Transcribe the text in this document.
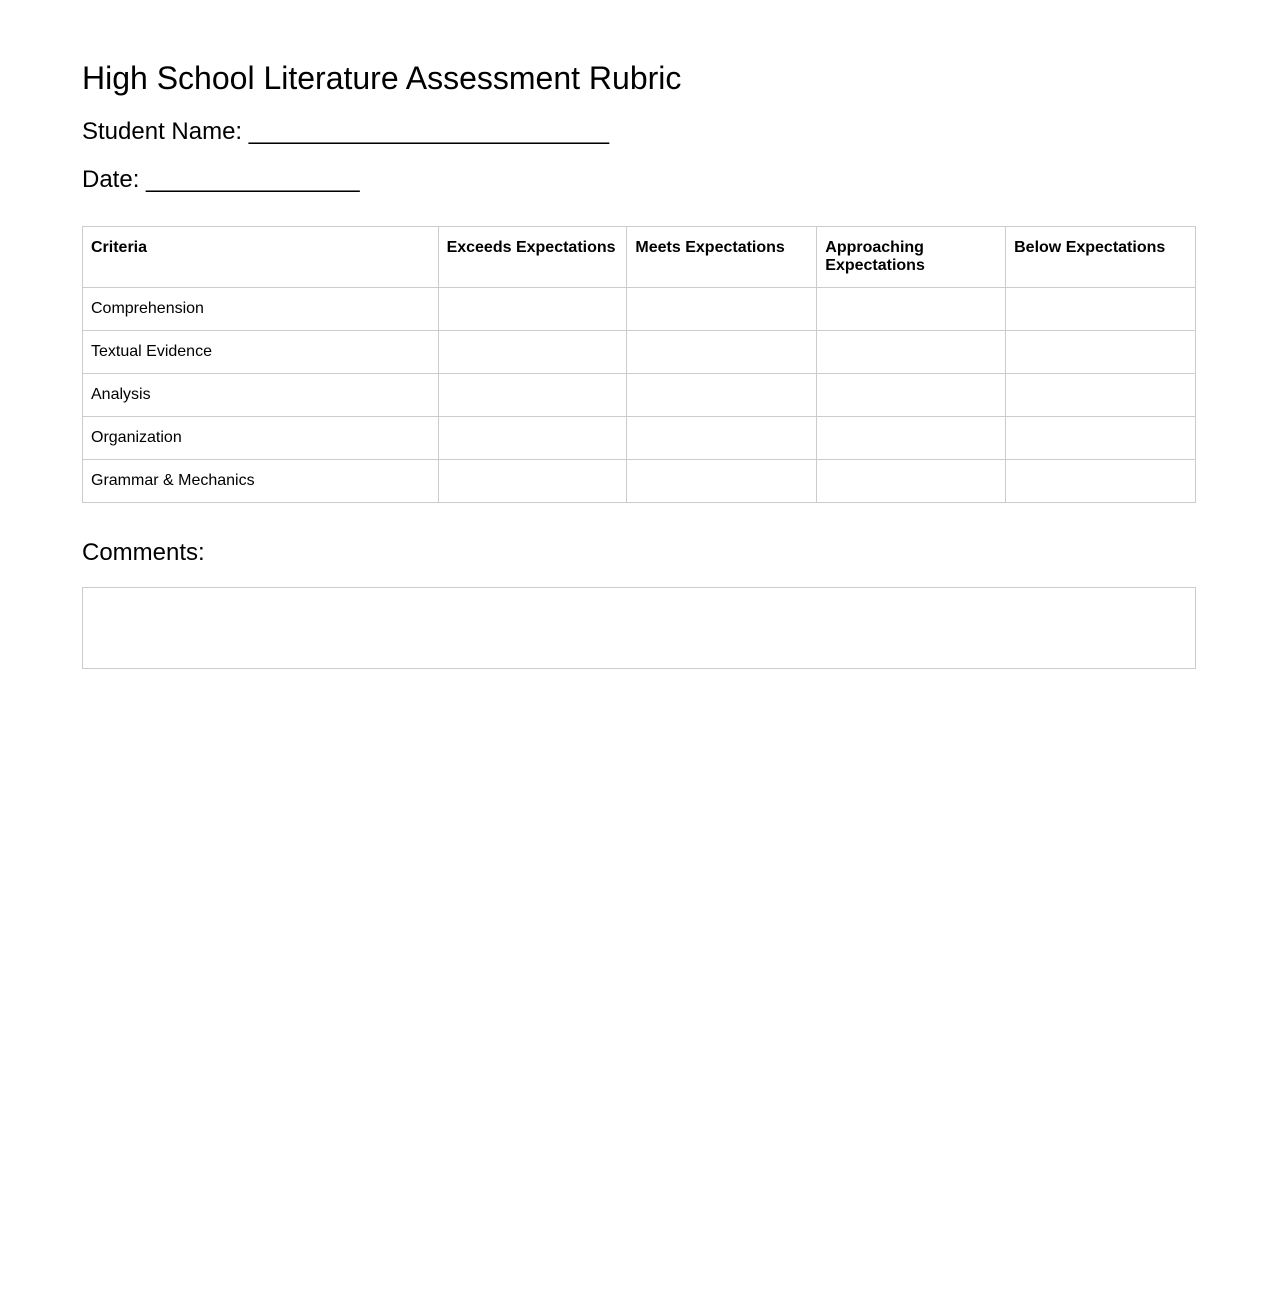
High School Literature Assessment Rubric
Student Name: ___________________________
Date: ________________
Criteria	Exceeds Expectations	Meets Expectations	Approaching Expectations	Below Expectations
Comprehension				
Textual Evidence				
Analysis				
Organization				
Grammar & Mechanics				
Comments:
